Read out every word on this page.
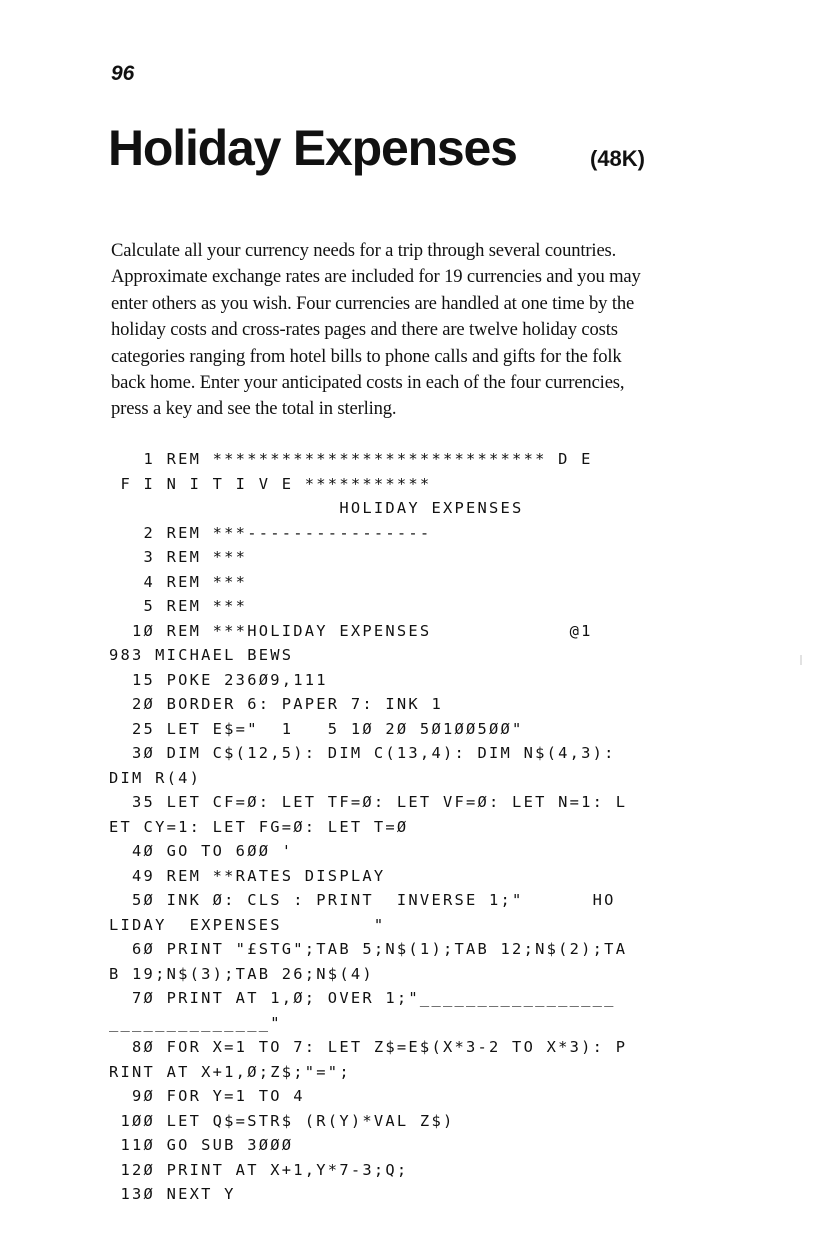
96

Holiday Expenses	(48K)
Calculate all your currency needs for a trip through several countries.
Approximate exchange rates are included for 19 currencies and you may
enter others as you wish. Four currencies are handled at one time by the
holiday costs and cross-rates pages and there are twelve holiday costs
categories ranging from hotel bills to phone calls and gifts for the folk
back home. Enter your anticipated costs in each of the four currencies,
press a key and see the total in sterling.
1 REM ***************************** D E
F I N I T I V E ***********
HOLIDAY EXPENSES
2 REM ***----------------
3 REM ***
4 REM ***
5 REM ***
1Ø REM ***HOLIDAY EXPENSES            @1
983 MICHAEL BEWS
15 POKE 236Ø9,111
2Ø BORDER 6: PAPER 7: INK 1
25 LET E$="  1   5 1Ø 2Ø 5Ø1ØØ5ØØ"
3Ø DIM C$(12,5): DIM C(13,4): DIM N$(4,3):
DIM R(4)
35 LET CF=Ø: LET TF=Ø: LET VF=Ø: LET N=1: L
ET CY=1: LET FG=Ø: LET T=Ø
4Ø GO TO 6ØØ '
49 REM **RATES DISPLAY
5Ø INK Ø: CLS : PRINT  INVERSE 1;"      HO
LIDAY  EXPENSES        "
6Ø PRINT "£STG";TAB 5;N$(1);TAB 12;N$(2);TA
B 19;N$(3);TAB 26;N$(4)
7Ø PRINT AT 1,Ø; OVER 1;"_________________
______________"
8Ø FOR X=1 TO 7: LET Z$=E$(X*3-2 TO X*3): P
RINT AT X+1,Ø;Z$;"=";
9Ø FOR Y=1 TO 4
1ØØ LET Q$=STR$ (R(Y)*VAL Z$)
11Ø GO SUB 3ØØØ
12Ø PRINT AT X+1,Y*7-3;Q;
13Ø NEXT Y
